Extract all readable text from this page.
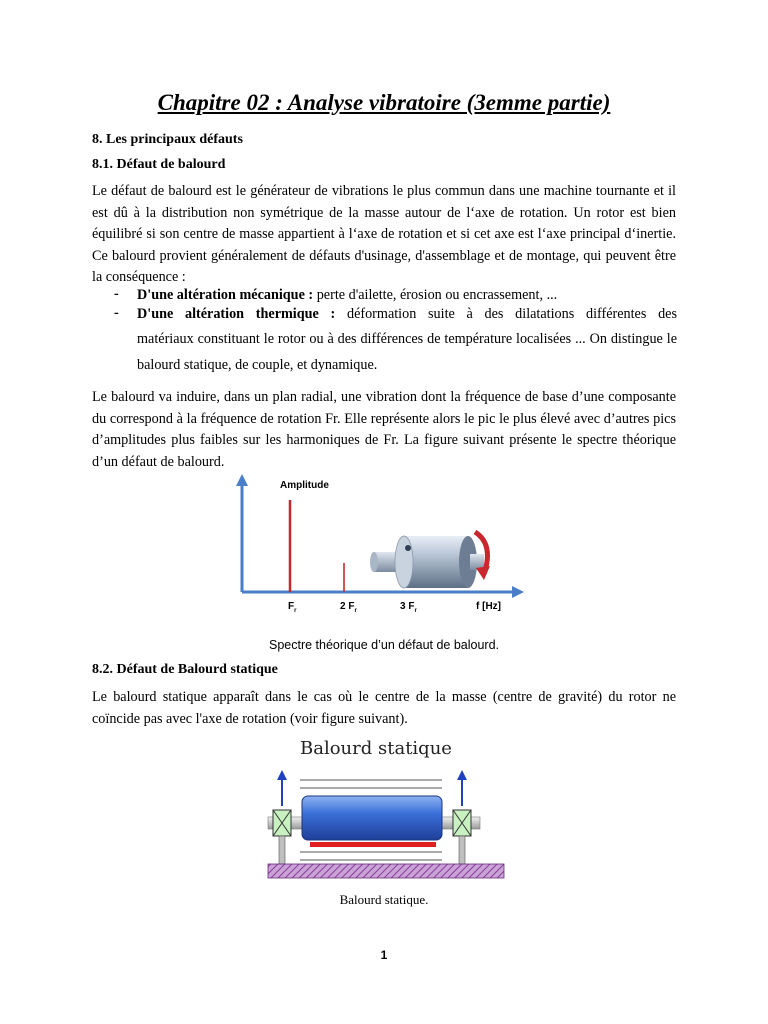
Chapitre 02 : Analyse vibratoire (3emme partie)
8. Les principaux défauts
8.1. Défaut de balourd

Le défaut de balourd est le générateur de vibrations le plus commun dans une machine tournante et il est dû à la distribution non symétrique de la masse autour de l‘axe de rotation. Un rotor est bien équilibré si son centre de masse appartient à l‘axe de rotation et si cet axe est l‘axe principal d‘inertie. Ce balourd provient généralement de défauts d'usinage, d'assemblage et de montage, qui peuvent être la conséquence :

- D'une altération mécanique : perte d'ailette, érosion ou encrassement, ...

- D'une altération thermique : déformation suite à des dilatations différentes des

matériaux constituant le rotor ou à des différences de température localisées ... On distingue le balourd statique, de couple, et dynamique.

Le balourd va induire, dans un plan radial, une vibration dont la fréquence de base d’une composante du correspond à la fréquence de rotation Fr. Elle représente alors le pic le plus élevé avec d’autres pics d’amplitudes plus faibles sur les harmoniques de Fr. La figure suivant présente le spectre théorique d’un défaut de balourd.

Amplitude
$F_r$	2 $F_r$	3 $F_r$	f [Hz]

Spectre théorique d’un défaut de balourd.

8.2. Défaut de Balourd statique

Le balourd statique apparaît dans le cas où le centre de la masse (centre de gravité) du rotor ne coïncide pas avec l'axe de rotation (voir figure suivant).

Balourd statique

Balourd statique.

1
